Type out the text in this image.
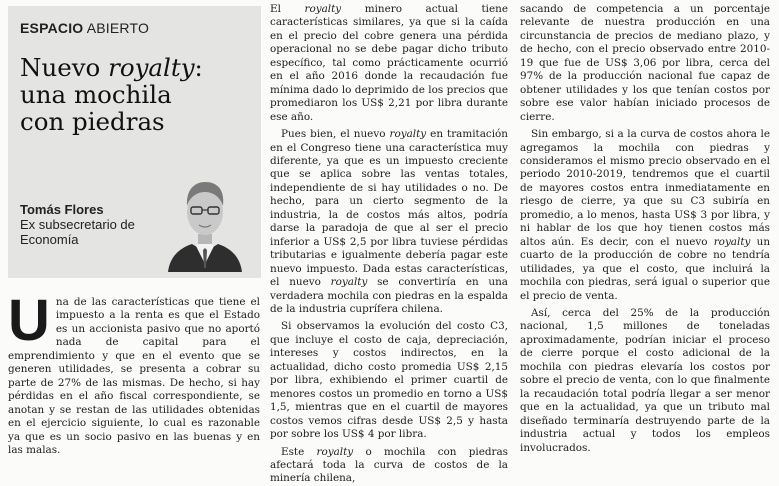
ESPACIO ABIERTO
Nuevo royalty:
una mochila
con piedras
Tomás Flores
Ex subsecretario de Economía

Una de las características que tiene el impuesto a la renta es que el Estado es un accionista pasivo que no aportó nada de capital para el emprendimiento y que en el evento que se generen utilidades, se presenta a cobrar su parte de 27% de las mismas. De hecho, si hay pérdidas en el año fiscal correspondiente, se anotan y se restan de las utilidades obtenidas en el ejercicio siguiente, lo cual es razonable ya que es un socio pasivo en las buenas y en las malas.

El royalty minero actual tiene características similares, ya que si la caída en el precio del cobre genera una pérdida operacional no se debe pagar dicho tributo específico, tal como prácticamente ocurrió en el año 2016 donde la recaudación fue mínima dado lo deprimido de los precios que promediaron los US$ 2,21 por libra durante ese año.

Pues bien, el nuevo royalty en tramitación en el Congreso tiene una característica muy diferente, ya que es un impuesto creciente que se aplica sobre las ventas totales, independiente de si hay utilidades o no. De hecho, para un cierto segmento de la industria, la de costos más altos, podría darse la paradoja de que al ser el precio inferior a US$ 2,5 por libra tuviese pérdidas tributarias e igualmente debería pagar este nuevo impuesto. Dada estas características, el nuevo royalty se convertiría en una verdadera mochila con piedras en la espalda de la industria cuprífera chilena.

Si observamos la evolución del costo C3, que incluye el costo de caja, depreciación, intereses y costos indirectos, en la actualidad, dicho costo promedia US$ 2,15 por libra, exhibiendo el primer cuartil de menores costos un promedio en torno a US$ 1,5, mientras que en el cuartil de mayores costos vemos cifras desde US$ 2,5 y hasta por sobre los US$ 4 por libra.

Este royalty o mochila con piedras afectará toda la curva de costos de la minería chilena,

sacando de competencia a un porcentaje relevante de nuestra producción en una circunstancia de precios de mediano plazo, y de hecho, con el precio observado entre 2010-19 que fue de US$ 3,06 por libra, cerca del 97% de la producción nacional fue capaz de obtener utilidades y los que tenían costos por sobre ese valor habían iniciado procesos de cierre.

Sin embargo, si a la curva de costos ahora le agregamos la mochila con piedras y consideramos el mismo precio observado en el periodo 2010-2019, tendremos que el cuartil de mayores costos entra inmediatamente en riesgo de cierre, ya que su C3 subiría en promedio, a lo menos, hasta US$ 3 por libra, y ni hablar de los que hoy tienen costos más altos aún. Es decir, con el nuevo royalty un cuarto de la producción de cobre no tendría utilidades, ya que el costo, que incluirá la mochila con piedras, será igual o superior que el precio de venta.

Así, cerca del 25% de la producción nacional, 1,5 millones de toneladas aproximadamente, podrían iniciar el proceso de cierre porque el costo adicional de la mochila con piedras elevaría los costos por sobre el precio de venta, con lo que finalmente la recaudación total podría llegar a ser menor que en la actualidad, ya que un tributo mal diseñado terminaría destruyendo parte de la industria actual y todos los empleos involucrados.
